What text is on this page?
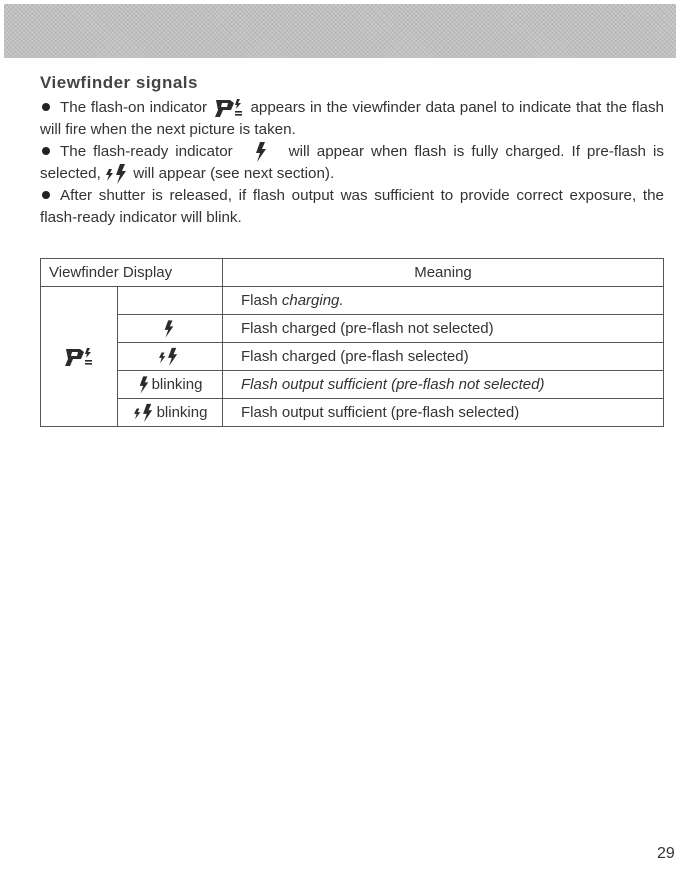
Viewfinder signals

The flash-on indicator	appears in the viewfinder data panel to indicate that the flash will fire when the next picture is taken.

The flash-ready indicator	will appear when flash is fully charged. If pre-flash is selected, will appear (see next section).

After shutter is released, if flash output was sufficient to provide correct exposure, the flash-ready indicator will blink.

Viewfinder Display		Meaning

		Flash charging.

	Flash charged (pre-flash not selected)

	Flash charged (pre-flash selected)

blinking	Flash output sufficient (pre-flash not selected)

blinking	Flash output sufficient (pre-flash selected)

29
